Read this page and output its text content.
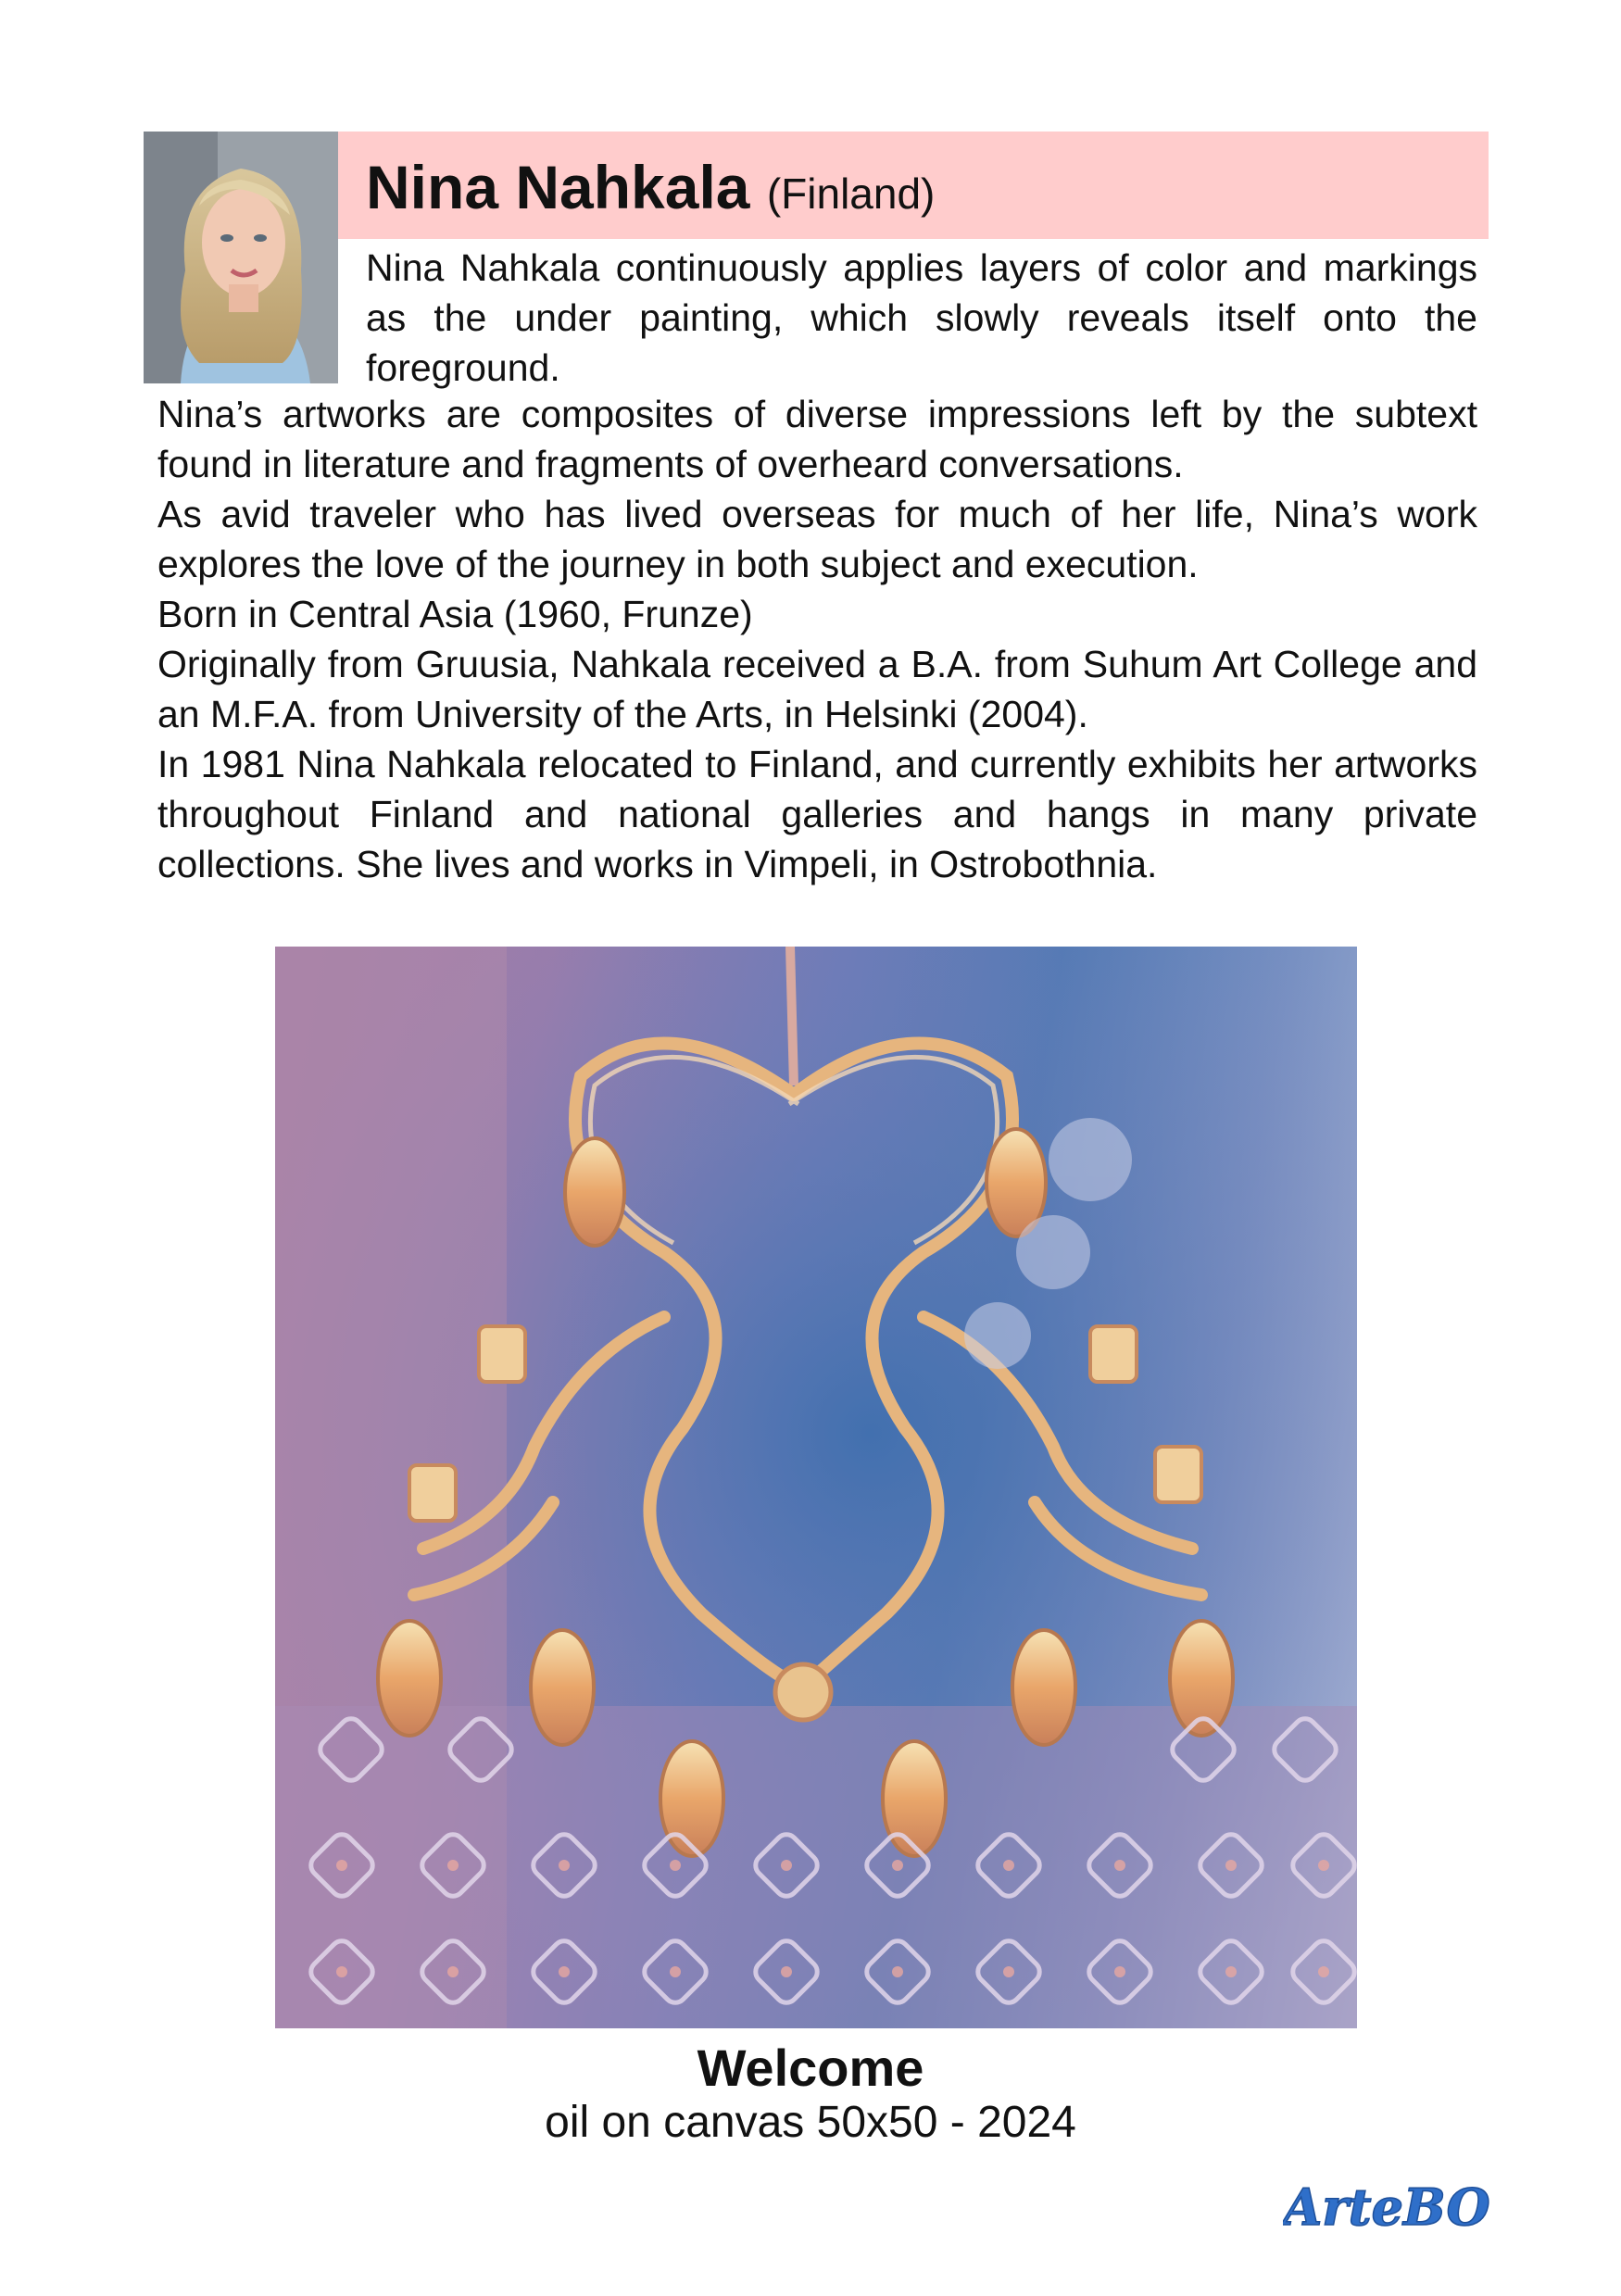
Nina Nahkala (Finland)
Nina Nahkala continuously applies layers of color and markings as the under painting, which slowly reveals itself onto the foreground.

Nina’s artworks are composites of diverse impressions left by the subtext found in literature and fragments of overheard conversations.

As avid traveler who has lived overseas for much of her life, Nina’s work explores the love of the journey in both subject and execution.

Born in Central Asia (1960, Frunze)

Originally from Gruusia, Nahkala received a B.A. from Suhum Art College and an M.F.A. from University of the Arts, in Helsinki (2004).

In 1981 Nina Nahkala relocated to Finland, and currently exhibits her artworks throughout Finland and national galleries and hangs in many private collections. She lives and works in Vimpeli, in Ostrobothnia.

Welcome
oil on canvas 50x50 - 2024
ArteBO
